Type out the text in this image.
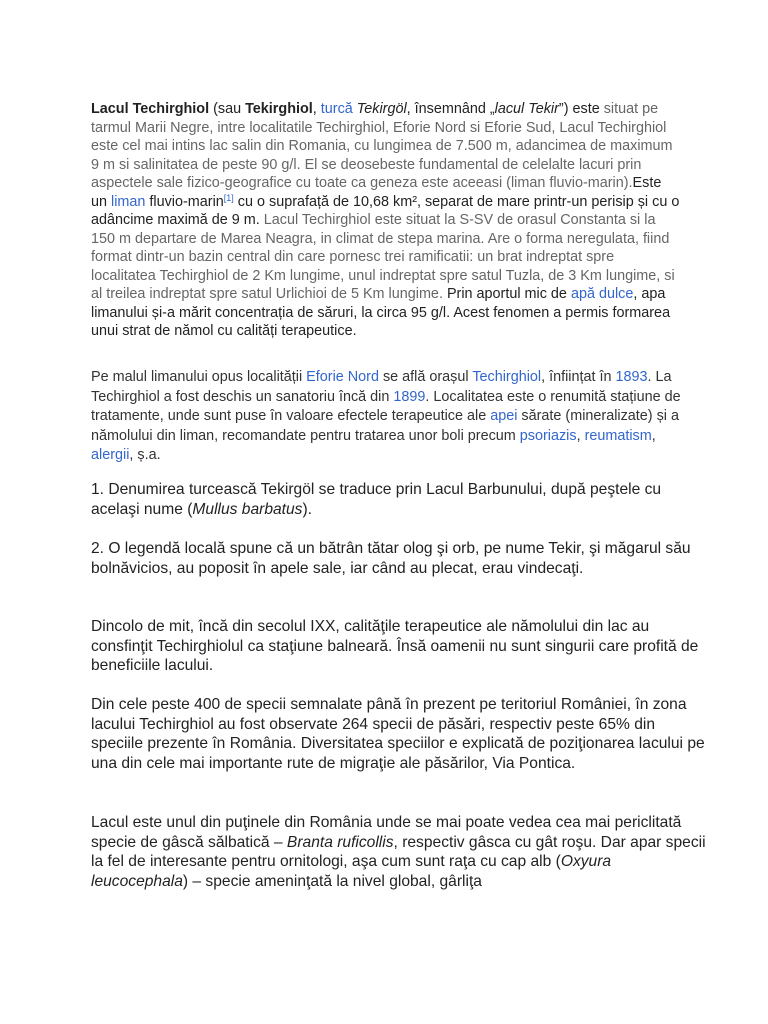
Lacul Techirghiol (sau Tekirghiol, turcă Tekirgöl, însemnând „lacul Tekir”) este situat pe tarmul Marii Negre, intre localitatile Techirghiol, Eforie Nord si Eforie Sud, Lacul Techirghiol este cel mai intins lac salin din Romania, cu lungimea de 7.500 m, adancimea de maximum 9 m si salinitatea de peste 90 g/l. El se deosebeste fundamental de celelalte lacuri prin aspectele sale fizico-geografice cu toate ca geneza este aceeasi (liman fluvio-marin).Este un liman fluvio-marin[1] cu o suprafață de 10,68 km², separat de mare printr-un perisip și cu o adâncime maximă de 9 m. Lacul Techirghiol este situat la S-SV de orasul Constanta si la 150 m departare de Marea Neagra, in climat de stepa marina. Are o forma neregulata, fiind format dintr-un bazin central din care pornesc trei ramificatii: un brat indreptat spre localitatea Techirghiol de 2 Km lungime, unul indreptat spre satul Tuzla, de 3 Km lungime, si al treilea indreptat spre satul Urlichioi de 5 Km lungime. Prin aportul mic de apă dulce, apa limanului și-a mărit concentrația de săruri, la circa 95 g/l. Acest fenomen a permis formarea unui strat de nămol cu calități terapeutice.

Pe malul limanului opus localității Eforie Nord se află orașul Techirghiol, înființat în 1893. La Techirghiol a fost deschis un sanatoriu încă din 1899. Localitatea este o renumită stațiune de tratamente, unde sunt puse în valoare efectele terapeutice ale apei sărate (mineralizate) și a nămolului din liman, recomandate pentru tratarea unor boli precum psoriazis, reumatism, alergii, ș.a.

1. Denumirea turcească Tekirgöl se traduce prin Lacul Barbunului, după peştele cu acelaşi nume (Mullus barbatus).

2. O legendă locală spune că un bătrân tătar olog şi orb, pe nume Tekir, şi măgarul său bolnăvicios, au poposit în apele sale, iar când au plecat, erau vindecaţi.

Dincolo de mit, încă din secolul IXX, calităţile terapeutice ale nămolului din lac au consfinţit Techirghiolul ca staţiune balneară. Însă oamenii nu sunt singurii care profită de beneficiile lacului.

Din cele peste 400 de specii semnalate până în prezent pe teritoriul României, în zona lacului Techirghiol au fost observate 264 specii de păsări, respectiv peste 65% din speciile prezente în România. Diversitatea speciilor e explicată de poziţionarea lacului pe una din cele mai importante rute de migraţie ale păsărilor, Via Pontica.

Lacul este unul din puţinele din România unde se mai poate vedea cea mai periclitată specie de gâscă sălbatică – Branta ruficollis, respectiv gâsca cu gât roşu. Dar apar specii la fel de interesante pentru ornitologi, aşa cum sunt raţa cu cap alb (Oxyura leucocephala) – specie ameninţată la nivel global, gârliţa
